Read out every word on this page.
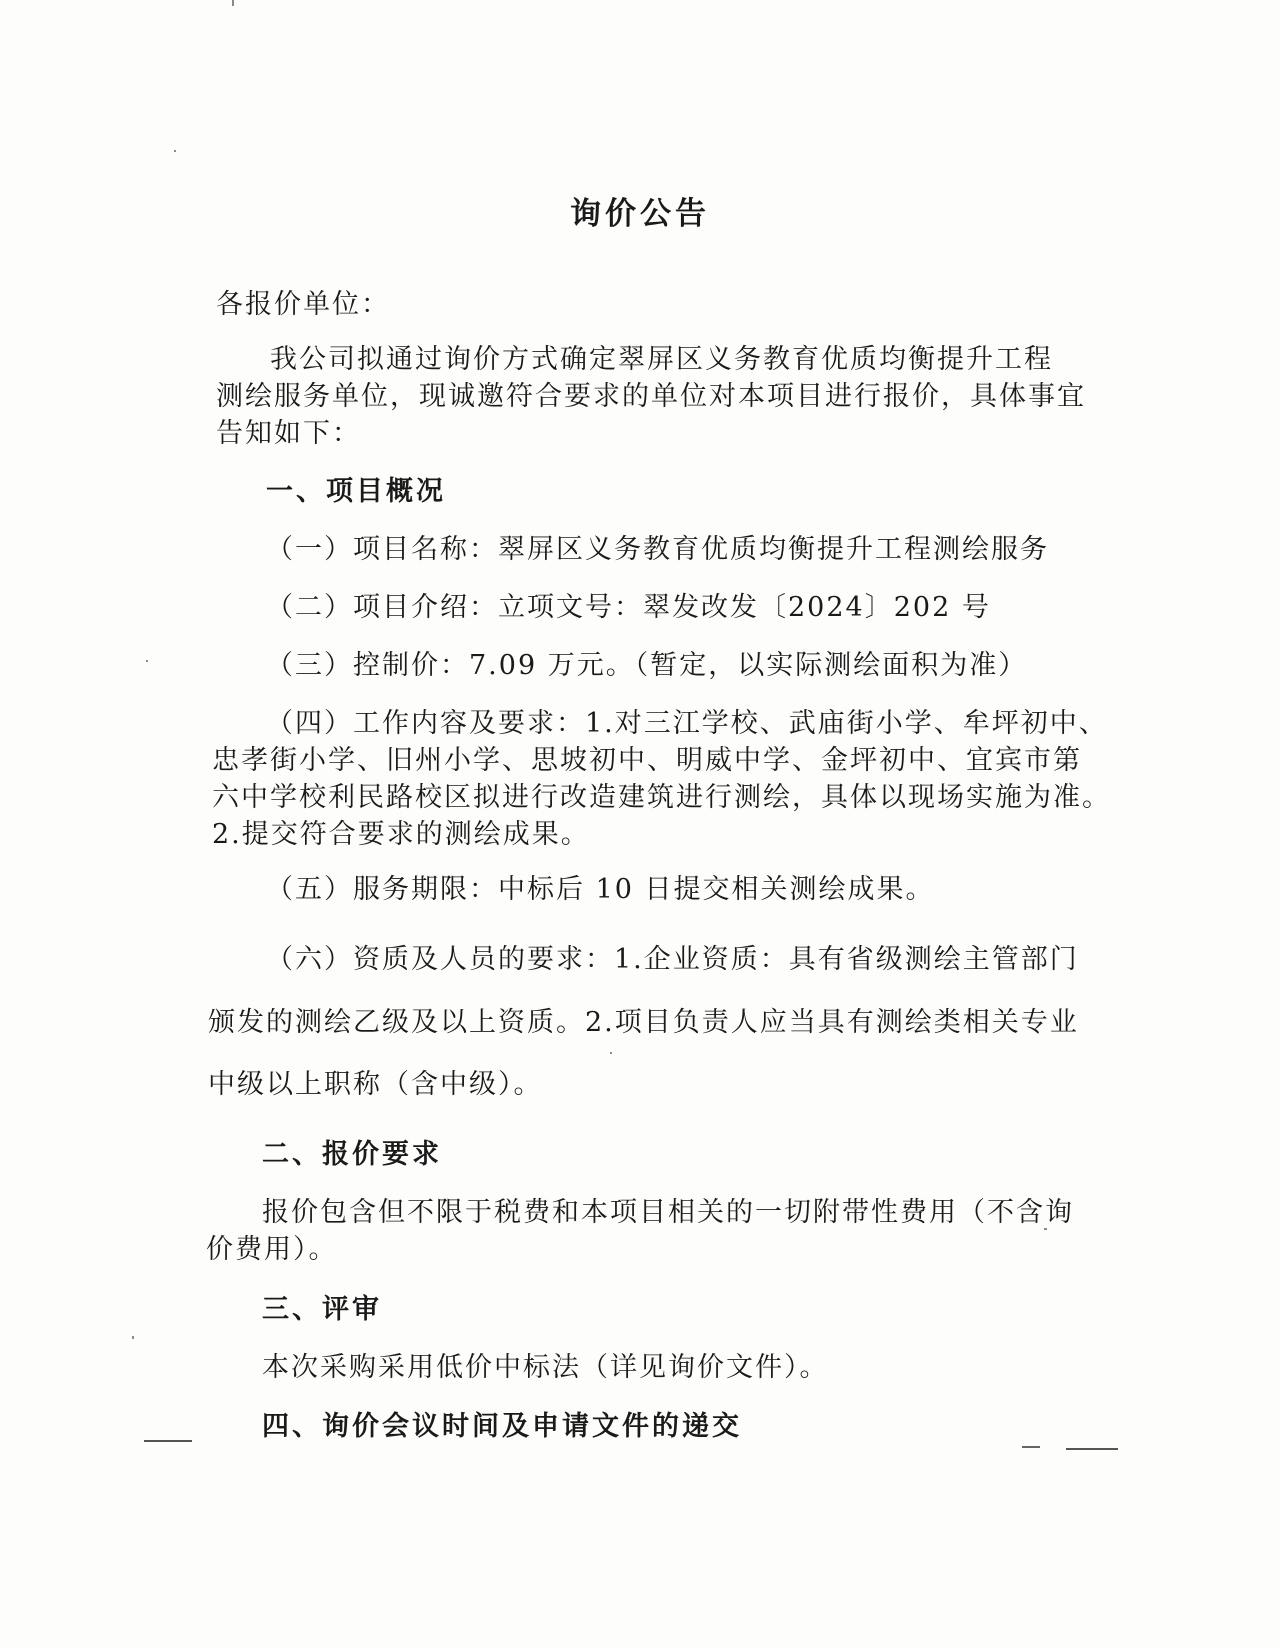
询价公告
各报价单位：
我公司拟通过询价方式确定翠屏区义务教育优质均衡提升工程
测绘服务单位，现诚邀符合要求的单位对本项目进行报价，具体事宜
告知如下：
一、项目概况
（一）项目名称：翠屏区义务教育优质均衡提升工程测绘服务
（二）项目介绍：立项文号：翠发改发〔2024〕202 号
（三）控制价：7.09 万元。（暂定，以实际测绘面积为准）
（四）工作内容及要求：1.对三江学校、武庙街小学、牟坪初中、
忠孝街小学、旧州小学、思坡初中、明威中学、金坪初中、宜宾市第
六中学校利民路校区拟进行改造建筑进行测绘，具体以现场实施为准。
2.提交符合要求的测绘成果。
（五）服务期限：中标后 10 日提交相关测绘成果。
（六）资质及人员的要求：1.企业资质：具有省级测绘主管部门
颁发的测绘乙级及以上资质。2.项目负责人应当具有测绘类相关专业
中级以上职称（含中级）。
二、报价要求
报价包含但不限于税费和本项目相关的一切附带性费用（不含询
价费用）。
三、评审
本次采购采用低价中标法（详见询价文件）。
四、询价会议时间及申请文件的递交
